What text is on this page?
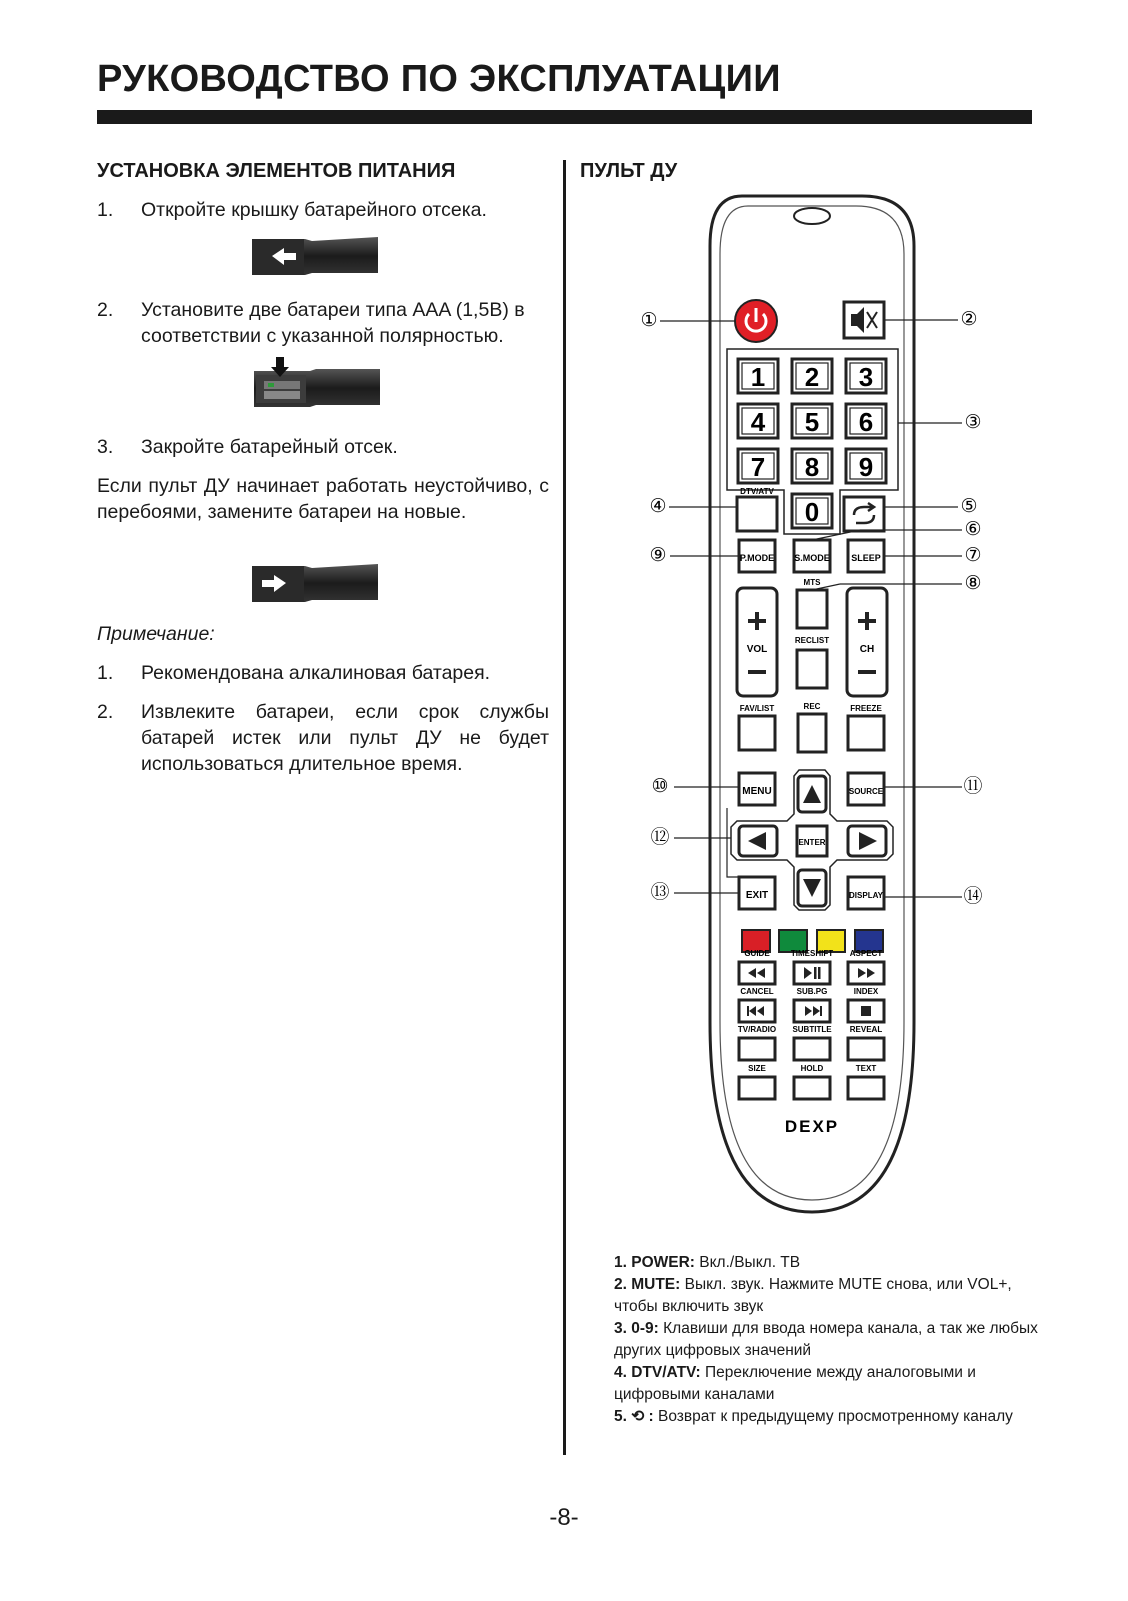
РУКОВОДСТВО ПО ЭКСПЛУАТАЦИИ
УСТАНОВКА ЭЛЕМЕНТОВ ПИТАНИЯ
1. Откройте крышку батарейного отсека.
2. Установите две батареи типа AAA (1,5В) в соответствии с указанной полярностью.
3. Закройте батарейный отсек.
Если пульт ДУ начинает работать неустойчиво, с перебоями, замените батареи на новые.
Примечание:
1. Рекомендована алкалиновая батарея.
2. Извлеките батареи, если срок службы батарей истек или пульт ДУ не будет использоваться длительное время.
ПУЛЬТ ДУ
1 2 3
4 5 6
7 8 9
0
DTV/ATV
P.MODE S.MODE SLEEP
MTS
VOL
RECLIST
CH
FAV/LIST	REC	FREEZE
MENU	SOURCE
ENTER
EXIT	DISPLAY
GUIDE	TIMESHIFT ASPECT
CANCEL	SUB.PG	INDEX
TV/RADIO SUBTITLE REVEAL
SIZE	HOLD	TEXT
DEXP
①	②
③
④	⑤
⑥
⑦
⑧
⑨
⑩	⑪
⑫
⑬	⑭
1. POWER: Вкл./Выкл. ТВ
2. MUTE: Выкл. звук. Нажмите MUTE снова, или VOL+, чтобы включить звук
3. 0-9: Клавиши для ввода номера канала, а так же любых других цифровых значений
4. DTV/ATV: Переключение между аналоговыми и цифровыми каналами
5. ⟲ : Возврат к предыдущему просмотренному каналу
-8-
